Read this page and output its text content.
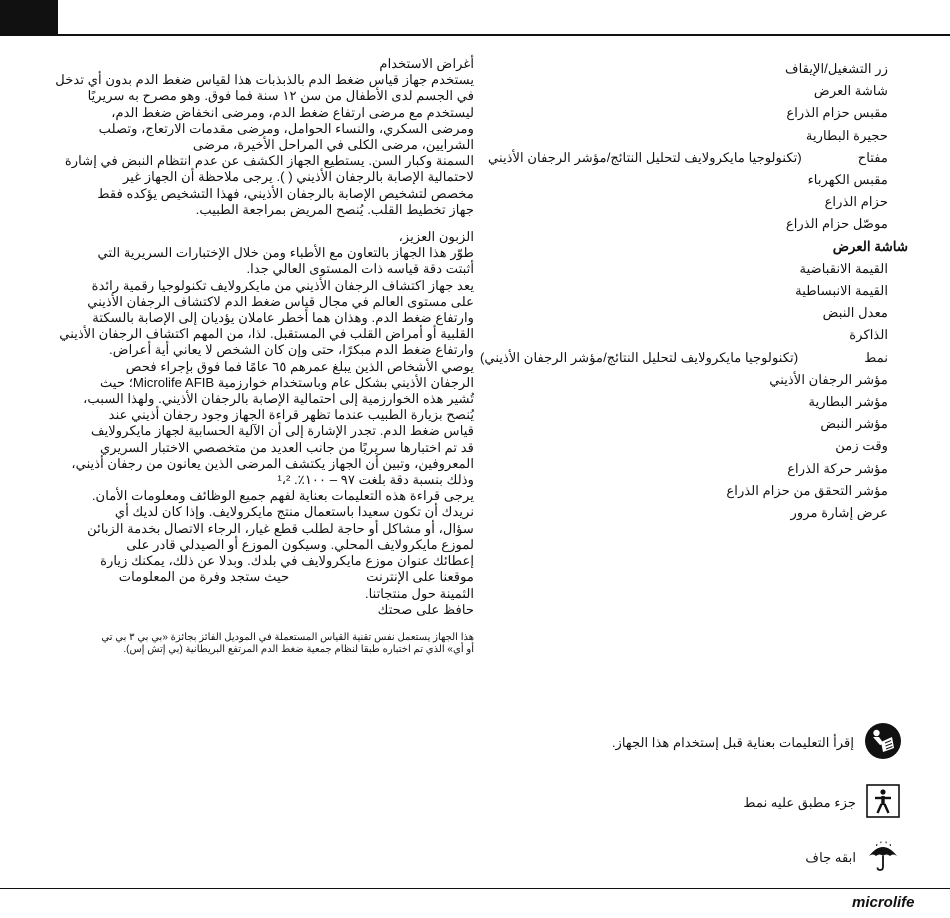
أغراض الاستخدام

يستخدم جهاز قياس ضغط الدم بالذبذبات هذا لقياس ضغط الدم بدون أي تدخل

في الجسم لدى الأطفال من سن ١٢ سنة فما فوق. وهو مصرح به سريريًا

ليستخدم مع مرضى ارتفاع ضغط الدم، ومرضى انخفاض ضغط الدم،

ومرضى السكري، والنساء الحوامل، ومرضى مقدمات الارتعاج، وتصلب

الشرايين، مرضى الكلى في المراحل الأخيرة، مرضى

السمنة وكبار السن. يستطيع الجهاز الكشف عن عدم انتظام النبض في إشارة

لاحتمالية الإصابة بالرجفان الأذيني ( ). يرجى ملاحظة أن الجهاز غير

مخصص لتشخيص الإصابة بالرجفان الأذيني، فهذا التشخيص يؤكده فقط

جهاز تخطيط القلب. يُنصح المريض بمراجعة الطبيب.

الزبون العزيز،

طوّر هذا الجهاز بالتعاون مع الأطباء ومن خلال الإختبارات السريرية التي

أثبتت دقة قياسه ذات المستوى العالي جدا.

يعد جهاز اكتشاف الرجفان الأذيني من مايكرولايف تكنولوجيا رقمية رائدة

على مستوى العالم في مجال قياس ضغط الدم لاكتشاف الرجفان الأذيني

وارتفاع ضغط الدم. وهذان هما أخطر عاملان يؤديان إلى الإصابة بالسكتة

القلبية أو أمراض القلب في المستقبل. لذا، من المهم اكتشاف الرجفان الأذيني

وارتفاع ضغط الدم مبكرًا، حتى وإن كان الشخص لا يعاني أية أعراض.

يوصي الأشخاص الذين يبلغ عمرهم ٦٥ عامًا فما فوق بإجراء فحص

الرجفان الأذيني بشكل عام وباستخدام خوارزمية Microlife AFIB؛ حيث

تُشير هذه الخوارزمية إلى احتمالية الإصابة بالرجفان الأذيني. ولهذا السبب،

يُنصح بزيارة الطبيب عندما تظهر قراءة الجهاز وجود رجفان أذيني عند

قياس ضغط الدم. تجدر الإشارة إلى أن الآلية الحسابية لجهاز مايكرولايف

قد تم اختبارها سريريًا من جانب العديد من متخصصي الاختبار السريري

المعروفين، وتبين أن الجهاز يكتشف المرضى الذين يعانون من رجفان أذيني،

وذلك بنسبة دقة بلغت ٩٧ – ١٠٠٪. ¹،²

يرجى قراءة هذه التعليمات بعناية لفهم جميع الوظائف ومعلومات الأمان.

نريدك أن تكون سعيدا باستعمال منتج مايكرولايف. وإذا كان لديك أي

سؤال، أو مشاكل أو حاجة لطلب قطع غيار، الرجاء الاتصال بخدمة الزبائن

لموزع مايكرولايف المحلي. وسيكون الموزع أو الصيدلي قادر على

إعطائك عنوان موزع مايكرولايف في بلدك. وبدلا عن ذلك، يمكنك زيارة

موقعنا على الإنترنت                     حيث ستجد وفرة من المعلومات

الثمينة حول منتجاتنا.

حافظ على صحتك

هذا الجهاز يستعمل نفس تقنية القياس المستعملة في الموديل الفائز بجائزة «بي بي ٣ بي تي

أو أي» الذي تم اختباره طبقا لنظام جمعية ضغط الدم المرتفع البريطانية (بي إتش إس).

زر التشغيل/الإيقاف
شاشة العرض
مقبس حزام الذراع
حجيرة البطارية
مفتاح
(تكنولوجيا مايكرولايف لتحليل النتائج/مؤشر الرجفان الأذيني
مقبس الكهرباء
حزام الذراع
موصّل حزام الذراع
شاشة العرض
القيمة الانقباضية
القيمة الانبساطية
معدل النبض
الذاكرة
نمط
(تكنولوجيا مايكرولايف لتحليل النتائج/مؤشر الرجفان الأذيني)
مؤشر الرجفان الأذيني
مؤشر البطارية
مؤشر النبض
وقت زمن
مؤشر حركة الذراع
مؤشر التحقق من حزام الذراع
عرض إشارة مرور
إقرأ التعليمات بعناية قبل إستخدام هذا الجهاز.
جزء مطبق عليه نمط
ابقه جاف
microlife
